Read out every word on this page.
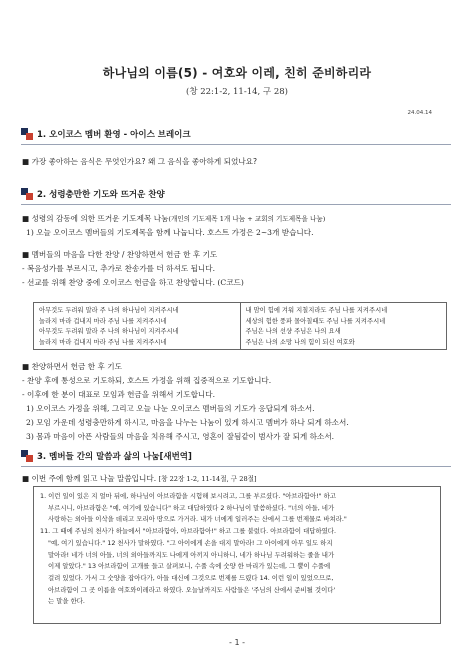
하나님의 이름(5) - 여호와 이레, 친히 준비하리라
(창 22:1-2, 11-14, 구 28)
24.04.14
1. 오이코스 멤버 환영 - 아이스 브레이크
■ 가장 좋아하는 음식은 무엇인가요? 왜 그 음식을 좋아하게 되었나요?
2. 성령충만한 기도와 뜨거운 찬양
■ 성령의 감동에 의한 뜨거운 기도제목 나눔(개인의 기도제목 1개 나눔 + 교회의 기도제목을 나눔)
1) 오늘 오이코스 멤버들의 기도제목을 함께 나눕니다. 호스트 가정은 2~3개 받습니다.
■ 멤버들의 마음을 다한 찬양 / 찬양하면서 헌금 한 후 기도
- 복음성가를 부르시고, 추가로 찬송가를 더 하셔도 됩니다.
- 선교를 위해 찬양 중에 오이코스 헌금을 하고 찬양합니다. (C코드)
아무것도 두려워 말라 주 나의 하나님이 지켜주시네
놀라지 마라 겁내지 마라 주님 나를 지켜주시네
아무것도 두려워 말라 주 나의 하나님이 지켜주시네
놀라지 마라 겁내지 마라 주님 나를 지켜주시네
내 맘이 힘에 겨워 지칠지라도 주님 나를 지켜주시네
세상의 험한 풍파 몰아칠때도 주님 나를 지켜주시네
주님은 나의 선샹 주님은 나의 요새
주님은 나의 소망 나의 힘이 되신 여호와
■ 찬양하면서 헌금 한 후 기도
- 찬양 후에 통성으로 기도하되, 호스트 가정을 위해 집중적으로 기도합니다.
- 이후에 한 분이 대표로 모임과 헌금을 위해서 기도합니다.
1) 오이코스 가정을 위해, 그리고 오늘 나눈 오이코스 멤버들의 기도가 응답되게 하소서.
2) 모임 가운데 성령충만하게 하시고, 마음을 나누는 나눔이 있게 하시고 멤버가 하나 되게 하소서.
3) 몸과 마음이 아픈 사람들의 마음을 치유해 주시고, 영혼이 잘됨같이 범사가 잘 되게 하소서.
3. 멤버들 간의 말씀과 삶의 나눔[새번역]
■ 이번 주에 함께 읽고 나눌 말씀입니다. [창 22장 1-2, 11-14절, 구 28절]
1. 이런 일이 있은 지 얼마 뒤에, 하나님이 아브라함을 시험해 보시려고, 그를 부르셨다. "아브라함아!" 하고
부르시니, 아브라함은 "예, 여기에 있습니다" 하고 대답하였다 2 하나님이 말씀하셨다. "너의 아들, 네가
사랑하는 외아들 이삭을 데리고 모리아 땅으로 가거라. 내가 너에게 일러주는 산에서 그를 번제물로 바쳐라."
11. 그 때에 주님의 천사가 하늘에서 "아브라함아, 아브라함아!" 하고 그를 불렀다. 아브라함이 대답하였다.
"예, 여기 있습니다." 12 천사가 말하였다. "그 아이에게 손을 대지 말아라! 그 아이에게 아무 일도 하지
말아라! 네가 너의 아들, 너의 외아들까지도 나에게 아끼지 아니하니, 네가 하나님 두려워하는 줄을 내가
이제 알았다." 13 아브라함이 고개를 들고 살펴보니, 수풀 속에 숫양 한 마리가 있는데, 그 뿔이 수풀에
걸려 있었다. 가서 그 숫양을 잡아다가, 아들 대신에 그것으로 번제를 드렸다 14. 이런 일이 있었으므로,
아브라함이 그 곳 이름을 여호와이레라고 하였다. 오늘날까지도 사람들은 '주님의 산에서 준비될 것이다'
는 말을 한다.
- 1 -
